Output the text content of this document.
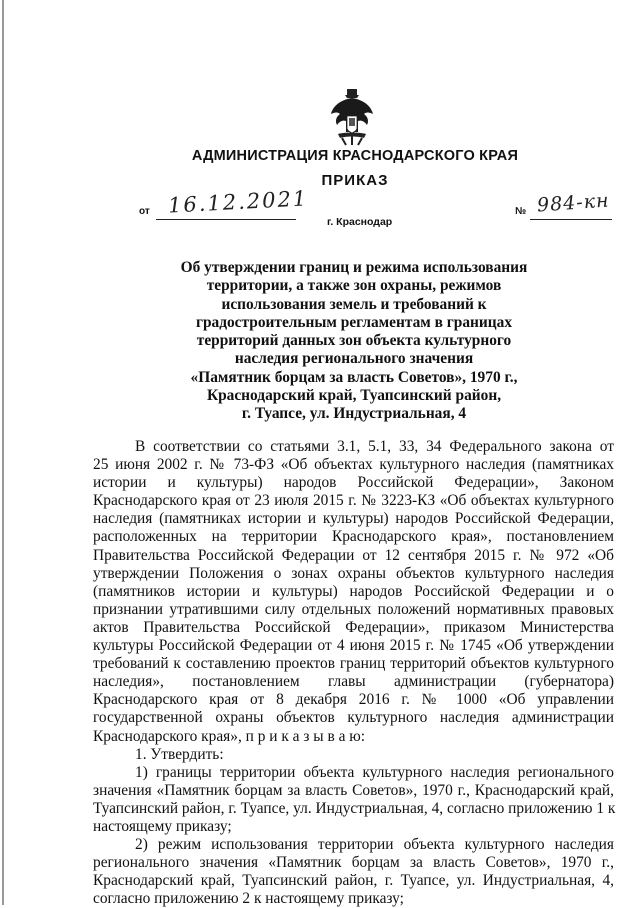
АДМИНИСТРАЦИЯ КРАСНОДАРСКОГО КРАЯ
ПРИКАЗ
от 16.12.2021
г. Краснодар
№ 984-кн
Об утверждении границ и режима использования
территории, а также зон охраны, режимов
использования земель и требований к
градостроительным регламентам в границах
территорий данных зон объекта культурного
наследия регионального значения
«Памятник борцам за власть Советов», 1970 г.,
Краснодарский край, Туапсинский район,
г. Туапсе, ул. Индустриальная, 4
В соответствии со статьями 3.1, 5.1, 33, 34 Федерального закона от
25 июня 2002 г. № 73-ФЗ «Об объектах культурного наследия (памятниках
истории и культуры) народов Российской Федерации», Законом
Краснодарского края от 23 июля 2015 г. № 3223-КЗ «Об объектах культурного
наследия (памятниках истории и культуры) народов Российской Федерации,
расположенных на территории Краснодарского края», постановлением
Правительства Российской Федерации от 12 сентября 2015 г. № 972 «Об
утверждении Положения о зонах охраны объектов культурного наследия
(памятников истории и культуры) народов Российской Федерации и о
признании утратившими силу отдельных положений нормативных правовых
актов Правительства Российской Федерации», приказом Министерства
культуры Российской Федерации от 4 июня 2015 г. № 1745 «Об утверждении
требований к составлению проектов границ территорий объектов культурного
наследия», постановлением главы администрации (губернатора)
Краснодарского края от 8 декабря 2016 г. № 1000 «Об управлении
государственной охраны объектов культурного наследия администрации
Краснодарского края», п р и к а з ы в а ю:
1. Утвердить:
1) границы территории объекта культурного наследия регионального
значения «Памятник борцам за власть Советов», 1970 г., Краснодарский край,
Туапсинский район, г. Туапсе, ул. Индустриальная, 4, согласно приложению 1 к
настоящему приказу;
2) режим использования территории объекта культурного наследия
регионального значения «Памятник борцам за власть Советов», 1970 г.,
Краснодарский край, Туапсинский район, г. Туапсе, ул. Индустриальная, 4,
согласно приложению 2 к настоящему приказу;
